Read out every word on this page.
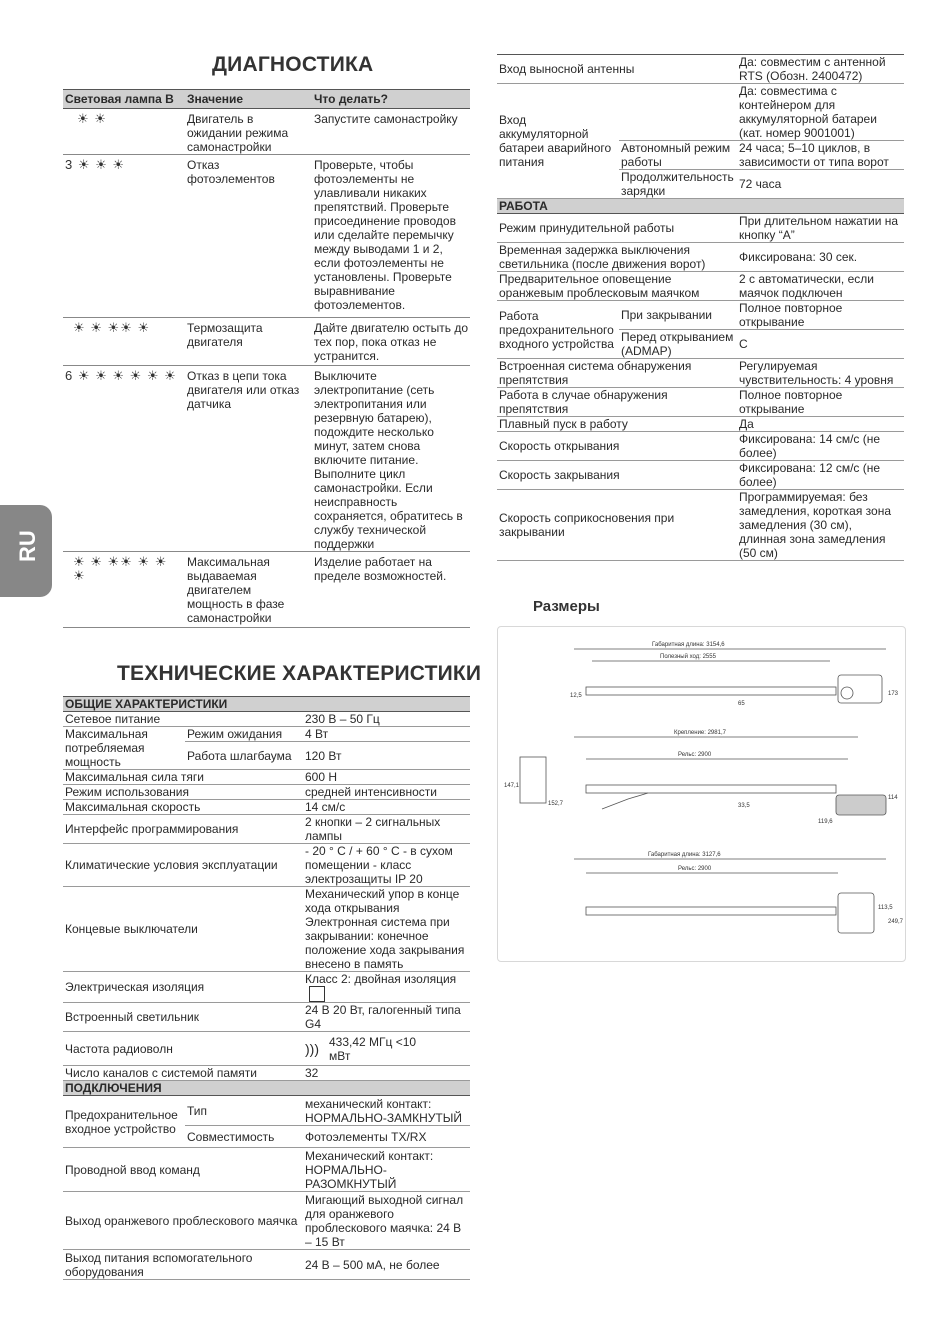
RU
ДИАГНОСТИКА
Световая лампа B	Значение	Что делать?
☀ ☀	Двигатель в ожидании режима самонастройки	Запустите самонастройку
3 ☀ ☀ ☀	Отказ фотоэлементов	Проверьте, чтобы фотоэлементы не улавливали никаких препятствий. Проверьте присоединение проводов или сделайте перемычку между выводами 1 и 2, если фотоэлементы не установлены. Проверьте выравнивание фотоэлементов.
☀ ☀ ☀☀ ☀	Термозащита двигателя	Дайте двигателю остыть до тех пор, пока отказ не устранится.
6 ☀ ☀ ☀ ☀ ☀ ☀	Отказ в цепи тока двигателя или отказ датчика	Выключите электропитание (сеть электропитания или резервную батарею), подождите несколько минут, затем снова включите питание. Выполните цикл самонастройки. Если неисправность сохраняется, обратитесь в службу технической поддержки
☀ ☀ ☀☀ ☀ ☀ ☀	Максимальная выдаваемая двигателем мощность в фазе самонастройки	Изделие работает на пределе возможностей.
ТЕХНИЧЕСКИЕ ХАРАКТЕРИСТИКИ
ОБЩИЕ ХАРАКТЕРИСТИКИ		
Сетевое питание		230 В – 50 Гц
Максимальная потребляемая мощность	Режим ожидания	4 Вт
	Работа шлагбаума	120 Вт
Максимальная сила тяги		600 Н
Режим использования		средней интенсивности
Максимальная скорость		14 см/с
Интерфейс программирования		2 кнопки – 2 сигнальных лампы
Климатические условия эксплуатации		- 20 ° C / + 60 ° C - в сухом помещении - класс электрозащиты IP 20
Концевые выключатели		Механический упор в конце хода открывания Электронная система при закрывании: конечное положение хода закрывания внесено в память
Электрическая изоляция		Класс 2: двойная изоляция
Встроенный светильник		24 В 20 Вт, галогенный типа G4
Частота радиоволн		))) 433,42 МГц <10 мВт

Число каналов с системой памяти		32
ПОДКЛЮЧЕНИЯ		
Предохранительное входное устройство	Тип	механический контакт: НОРМАЛЬНО-ЗАМКНУТЫЙ
	Совместимость	Фотоэлементы TX/RX
Проводной ввод команд		Механический контакт: НОРМАЛЬНО-РАЗОМКНУТЫЙ
Выход оранжевого проблескового маячка		Мигающий выходной сигнал для оранжевого проблескового маячка: 24 В – 15 Вт
Выход питания вспомогательного оборудования		24 В – 500 мА, не более
Вход выносной антенны		Да: совместим с антенной RTS (Обозн. 2400472)
Вход аккумуляторной батареи аварийного питания		Да: совместима с контейнером для аккумуляторной батареи (кат. номер 9001001)
	Автономный режим работы	24 часа; 5–10 циклов, в зависимости от типа ворот
	Продолжительность зарядки	72 часа
РАБОТА		
Режим принудительной работы		При длительном нажатии на кнопку “А”
Временная задержка выключения светильника (после движения ворот)		Фиксирована: 30 сек.
Предварительное оповещение оранжевым проблесковым маячком		2 с автоматически, если маячок подключен
Работа предохранительного входного устройства	При закрывании	Полное повторное открывание
	Перед открыванием (ADMAP)	С
Встроенная система обнаружения препятствия		Регулируемая чувствительность: 4 уровня
Работа в случае обнаружения препятствия		Полное повторное открывание
Плавный пуск в работу		Да
Скорость открывания		Фиксирована: 14 см/с (не более)
Скорость закрывания		Фиксирована: 12 см/с (не более)
Скорость соприкосновения при закрывании		Программируемая: без замедления, короткая зона замедления (30 см), длинная зона замедления (50 см)
Размеры
Габаритная длина: 3154,6
Полезный ход: 2555
Крепление: 2981,7
Рельс: 2900
Габаритная длина: 3127,6
Рельс: 2900
12,5
65
173
147,1
152,7	33,5
119,6
114
113,5
249,7
